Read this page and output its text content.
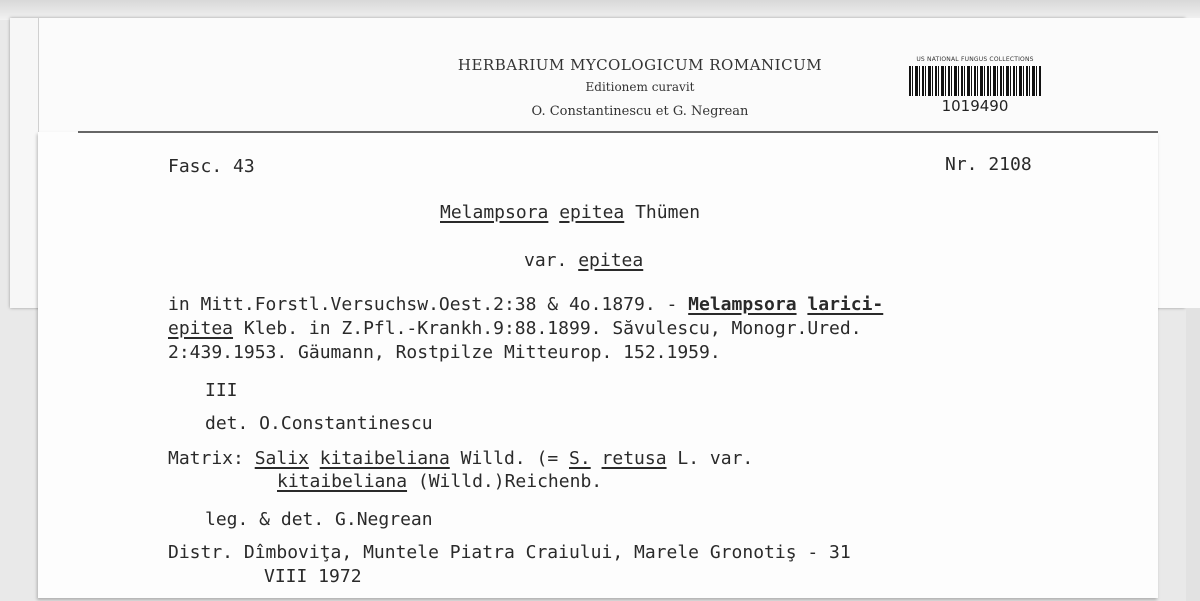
HERBARIUM MYCOLOGICUM ROMANICUM
Editionem curavit
O. Constantinescu et G. Negrean
US NATIONAL FUNGUS COLLECTIONS
1019490
Fasc. 43	Nr. 2108
Melampsora epitea Thümen
var. epitea
in Mitt.Forstl.Versuchsw.Oest.2:38 & 4o.1879. - Melampsora larici-
epitea Kleb. in Z.Pfl.-Krankh.9:88.1899. Săvulescu, Monogr.Ured.
2:439.1953. Gäumann, Rostpilze Mitteurop. 152.1959.
III
det. O.Constantinescu
Matrix: Salix kitaibeliana Willd. (= S. retusa L. var.
kitaibeliana (Willd.)Reichenb.
leg. & det. G.Negrean
Distr. Dîmboviţa, Muntele Piatra Craiului, Marele Gronotiş - 31
VIII 1972
